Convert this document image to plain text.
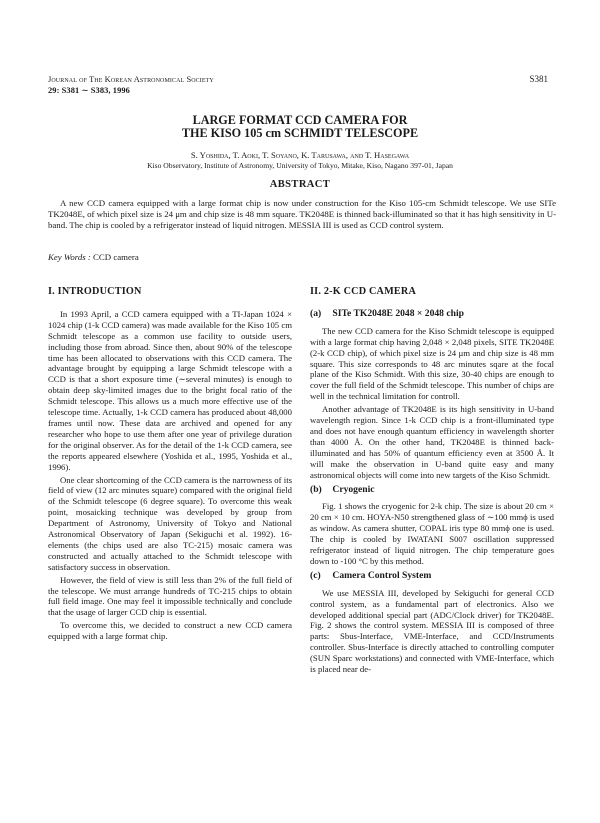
Journal of The Korean Astronomical Society
29: S381 ∼ S383, 1996
S381
LARGE FORMAT CCD CAMERA FOR
THE KISO 105 cm SCHMIDT TELESCOPE
S. Yoshida, T. Aoki, T. Soyano, K. Tarusawa, and T. Hasegawa
Kiso Observatory, Institute of Astronomy, University of Tokyo, Mitake, Kiso, Nagano 397-01, Japan
ABSTRACT

A new CCD camera equipped with a large format chip is now under construction for the Kiso 105-cm Schmidt telescope. We use SITe TK2048E, of which pixel size is 24 μm and chip size is 48 mm square. TK2048E is thinned back-illuminated so that it has high sensitivity in U-band. The chip is cooled by a refrigerator instead of liquid nitrogen. MESSIA III is used as CCD control system.

Key Words : CCD camera
I. INTRODUCTION

In 1993 April, a CCD camera equipped with a TI-Japan 1024 × 1024 chip (1-k CCD camera) was made available for the Kiso 105 cm Schmidt telescope as a common use facility to outside users, including those from abroad. Since then, about 90% of the telescope time has been allocated to observations with this CCD camera. The advantage brought by equipping a large Schmidt telescope with a CCD is that a short exposure time (∼several minutes) is enough to obtain deep sky-limited images due to the bright focal ratio of the Schmidt telescope. This allows us a much more effective use of the telescope time. Actually, 1-k CCD camera has produced about 48,000 frames until now. These data are archived and opened for any researcher who hope to use them after one year of privilege duration for the original observer. As for the detail of the 1-k CCD camera, see the reports appeared elsewhere (Yoshida et al., 1995, Yoshida et al., 1996).

One clear shortcoming of the CCD camera is the narrowness of its field of view (12 arc minutes square) compared with the original field of the Schmidt telescope (6 degree square). To overcome this weak point, mosaicking technique was developed by group from Department of Astronomy, University of Tokyo and National Astronomical Observatory of Japan (Sekiguchi et al. 1992). 16-elements (the chips used are also TC-215) mosaic camera was constructed and actually attached to the Schmidt telescope with satisfactory success in observation.

However, the field of view is still less than 2% of the full field of the telescope. We must arrange hundreds of TC-215 chips to obtain full field image. One may feel it impossible technically and conclude that the usage of larger CCD chip is essential.

To overcome this, we decided to construct a new CCD camera equipped with a large format chip.

II. 2-K CCD CAMERA
(a) SITe TK2048E 2048 × 2048 chip

The new CCD camera for the Kiso Schmidt telescope is equipped with a large format chip having 2,048 × 2,048 pixels, SITE TK2048E (2-k CCD chip), of which pixel size is 24 μm and chip size is 48 mm square. This size corresponds to 48 arc minutes sqare at the focal plane of the Kiso Schmidt. With this size, 30-40 chips are enough to cover the full field of the Schmidt telescope. This number of chips are well in the technical limitation for controll.

Another advantage of TK2048E is its high sensitivity in U-band wavelength region. Since 1-k CCD chip is a front-illuminated type and does not have enough quantum efficiency in wavelength shorter than 4000 Å. On the other hand, TK2048E is thinned back-illuminated and has 50% of quantum efficiency even at 3500 Å. It will make the observation in U-band quite easy and many astronomical objects will come into new targets of the Kiso Schmidt.

(b) Cryogenic

Fig. 1 shows the cryogenic for 2-k chip. The size is about 20 cm × 20 cm × 10 cm. HOYA-N50 strengthened glass of ∼100 mmϕ is used as window. As camera shutter, COPAL iris type 80 mmϕ one is used. The chip is cooled by IWATANI S007 oscillation suppressed refrigerator instead of liquid nitrogen. The chip temperature goes down to -100 °C by this method.

(c) Camera Control System

We use MESSIA III, developed by Sekiguchi for general CCD control system, as a fundamental part of electronics. Also we developed additional special part (ADC/Clock driver) for TK2048E. Fig. 2 shows the control system. MESSIA III is composed of three parts: Sbus-Interface, VME-Interface, and CCD/Instruments controller. Sbus-Interface is directly attached to controlling computer (SUN Sparc workstations) and connected with VME-Interface, which is placed near de-
